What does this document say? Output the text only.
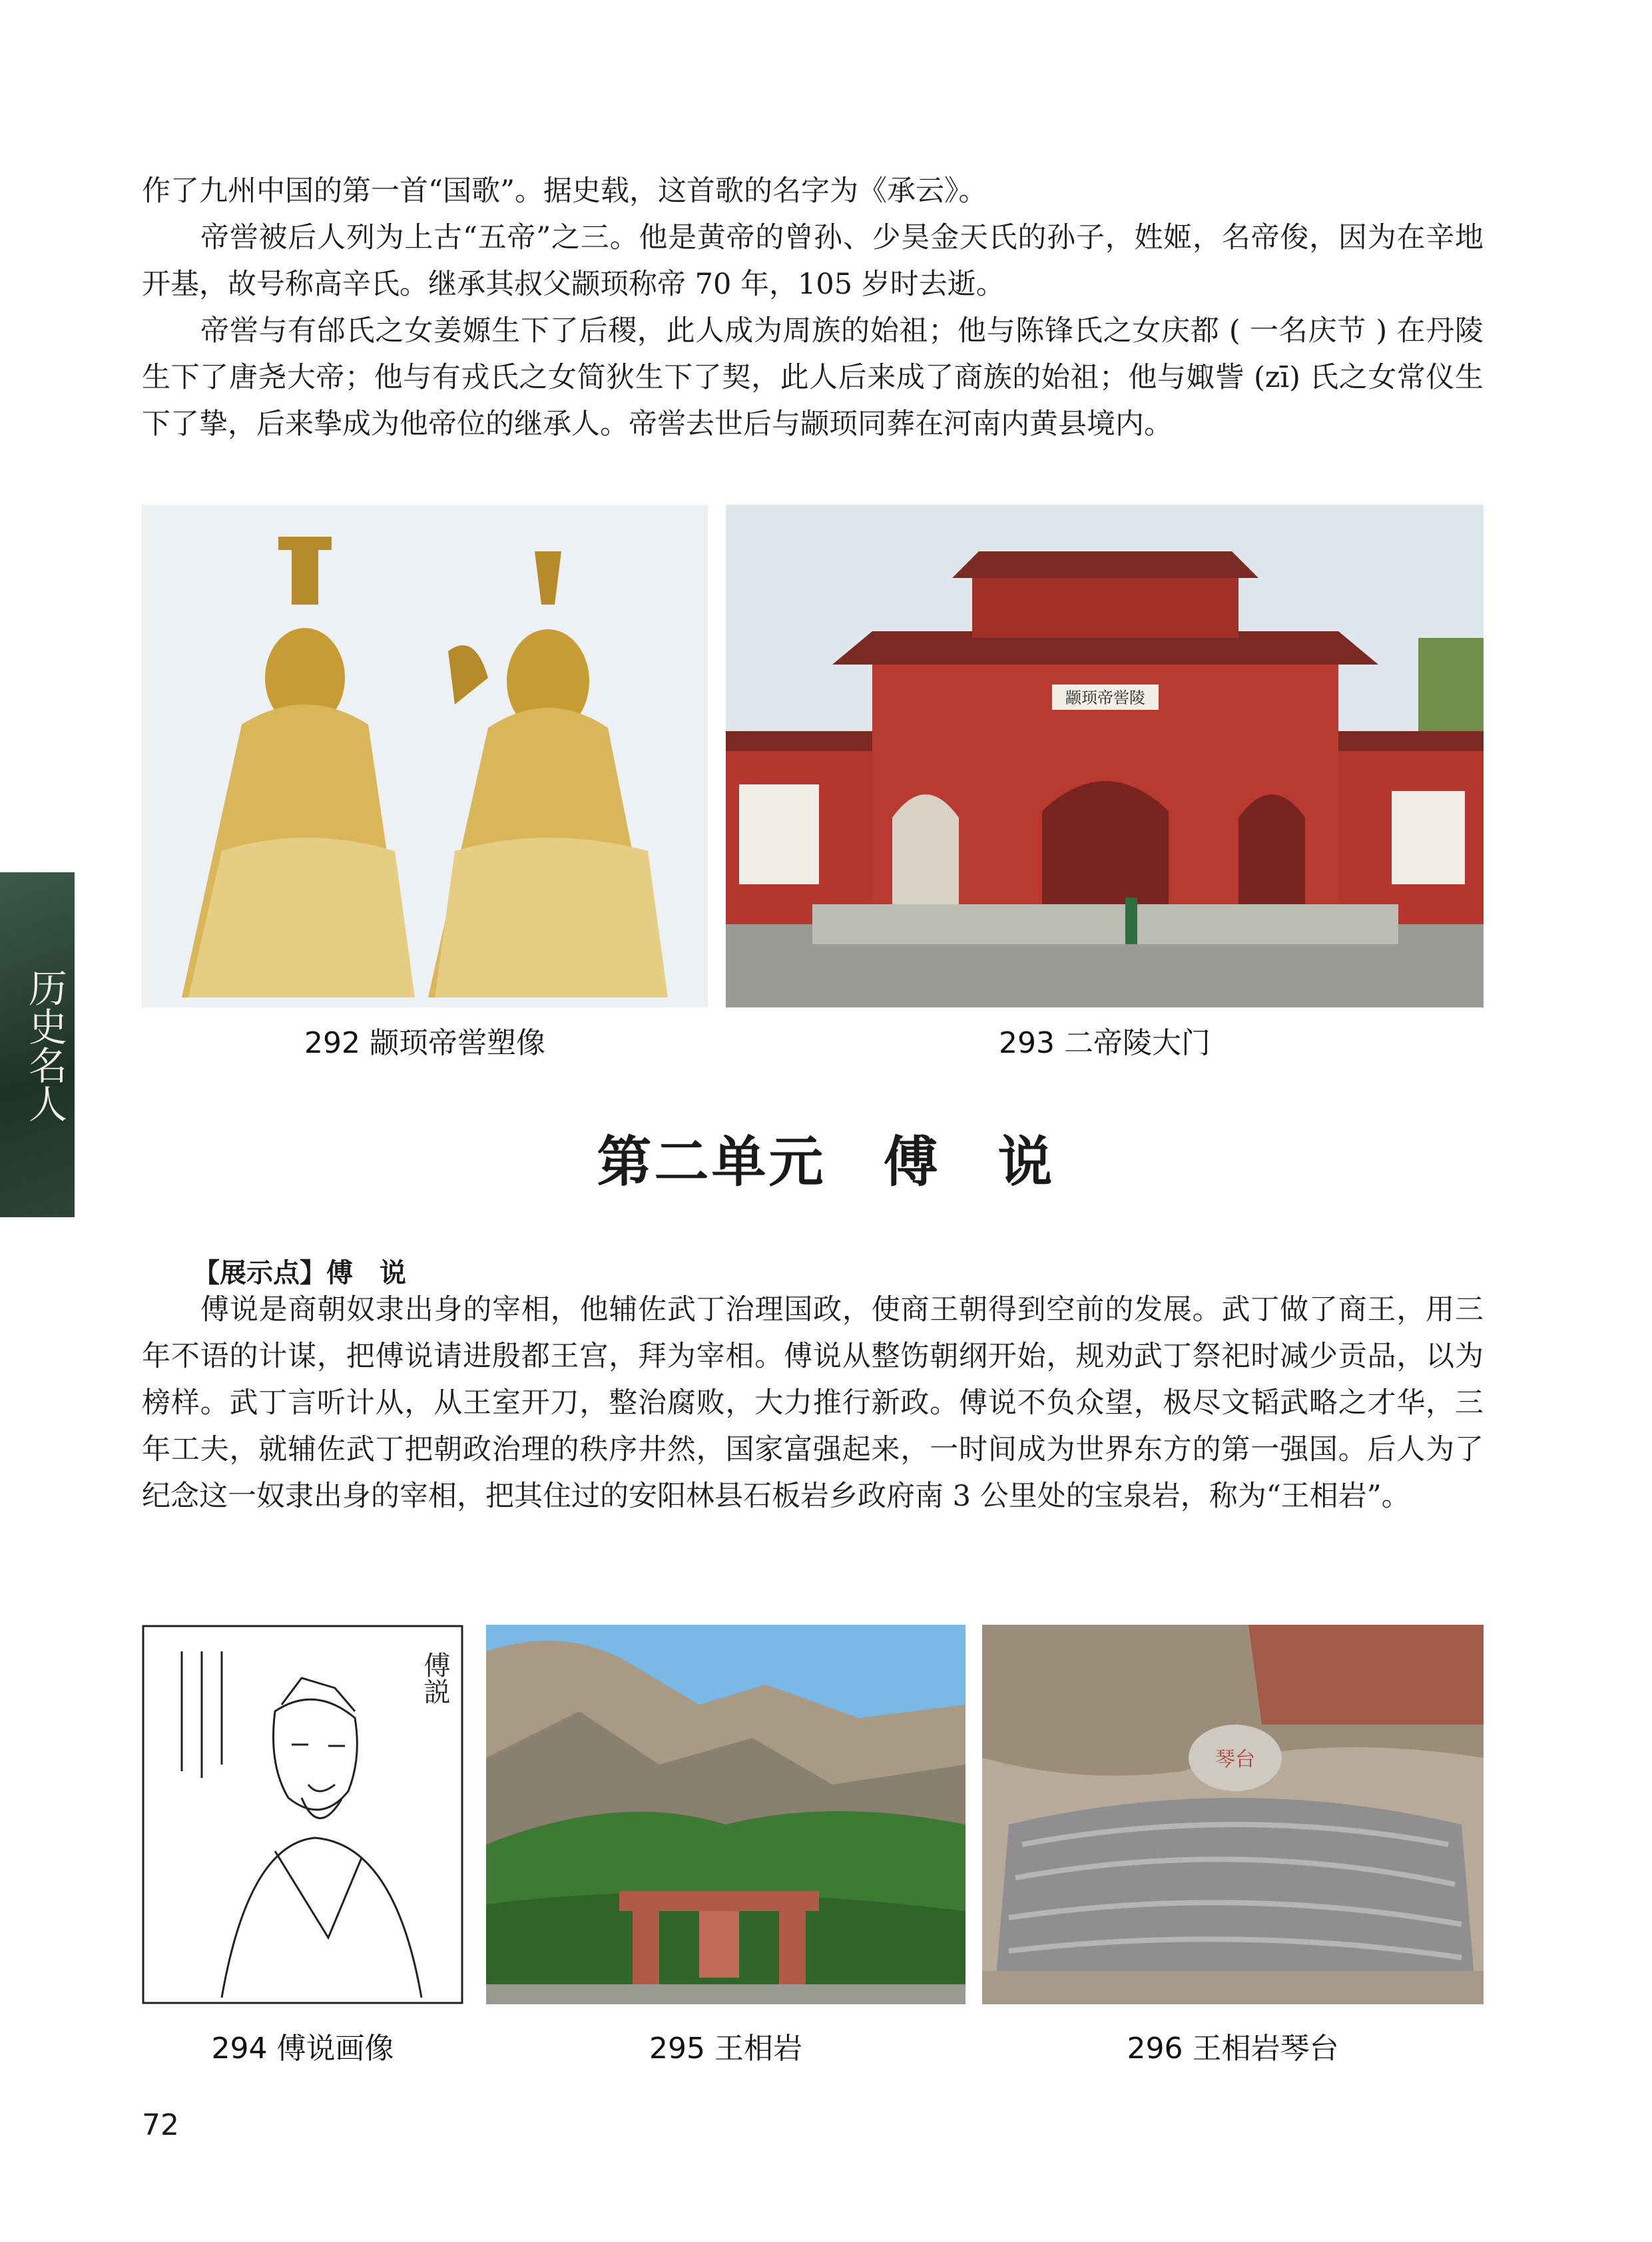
历史名人

作了九州中国的第一首“国歌”。据史载，这首歌的名字为《承云》。

帝喾被后人列为上古“五帝”之三。他是黄帝的曾孙、少昊金天氏的孙子，姓姬，名帝俊，因为在辛地开基，故号称高辛氏。继承其叔父颛顼称帝 70 年，105 岁时去逝。

帝喾与有邰氏之女姜嫄生下了后稷，此人成为周族的始祖；他与陈锋氏之女庆都 ( 一名庆节 ) 在丹陵生下了唐尧大帝；他与有戎氏之女简狄生下了契，此人后来成了商族的始祖；他与娵訾 (zī) 氏之女常仪生下了挚，后来挚成为他帝位的继承人。帝喾去世后与颛顼同葬在河南内黄县境内。

292 颛顼帝喾塑像
颛顼帝喾陵
293 二帝陵大门
第二单元　傅　说
【展示点】傅　说

傅说是商朝奴隶出身的宰相，他辅佐武丁治理国政，使商王朝得到空前的发展。武丁做了商王，用三年不语的计谋，把傅说请进殷都王宫，拜为宰相。傅说从整饬朝纲开始，规劝武丁祭祀时减少贡品，以为榜样。武丁言听计从，从王室开刀，整治腐败，大力推行新政。傅说不负众望，极尽文韬武略之才华，三年工夫，就辅佐武丁把朝政治理的秩序井然，国家富强起来，一时间成为世界东方的第一强国。后人为了纪念这一奴隶出身的宰相，把其住过的安阳林县石板岩乡政府南 3 公里处的宝泉岩，称为“王相岩”。

傅説
294 傅说画像	295 王相岩
琴台
296 王相岩琴台
72
